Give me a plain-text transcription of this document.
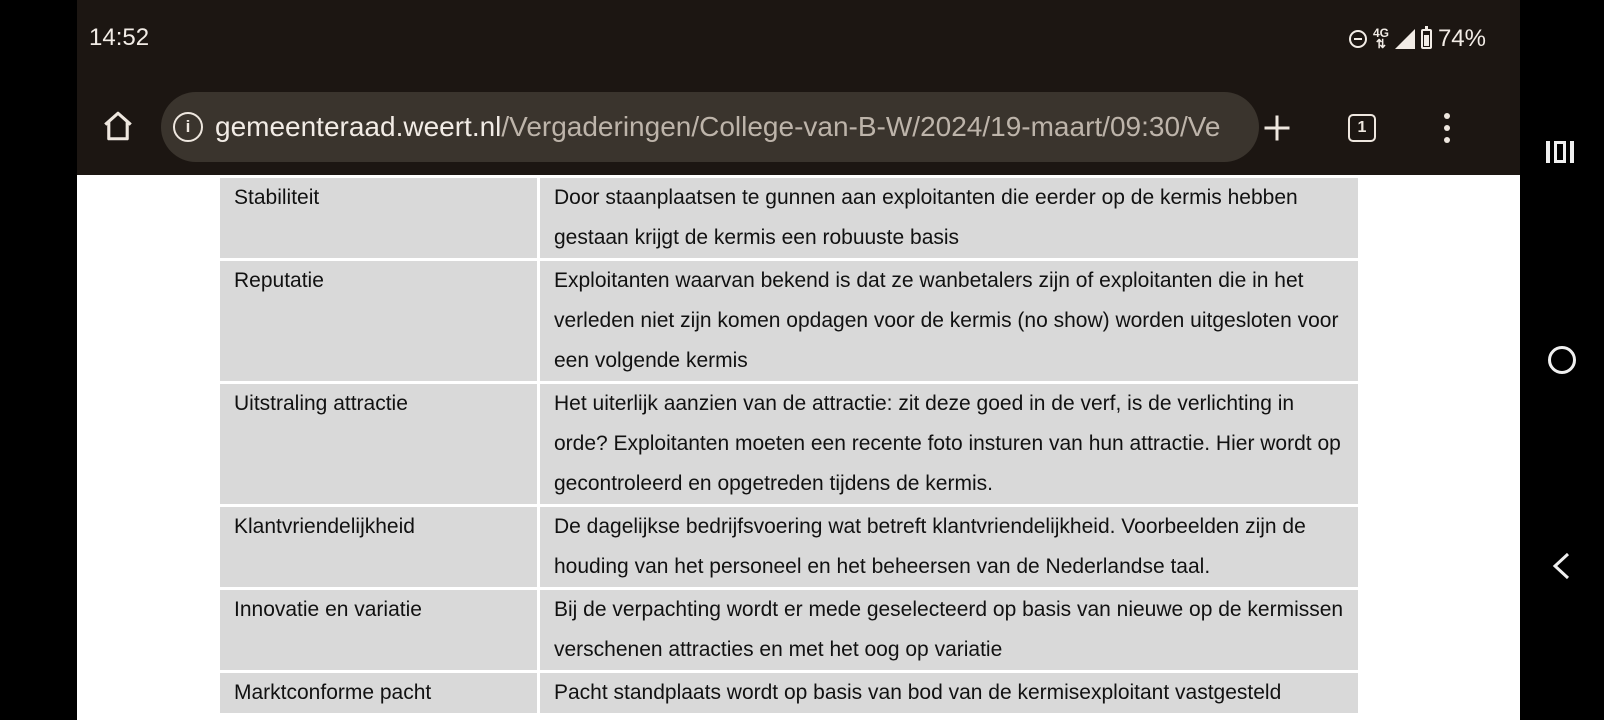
14:52	4G
⇅ 74%
i gemeenteraad.weert.nl/Vergaderingen/College-van-B-W/2024/19-maart/09:30/Ve	1
Stabiliteit	Door staanplaatsen te gunnen aan exploitanten die eerder op de kermis hebben gestaan krijgt de kermis een robuuste basis

Reputatie	Exploitanten waarvan bekend is dat ze wanbetalers zijn of exploitanten die in het verleden niet zijn komen opdagen voor de kermis (no show) worden uitgesloten voor een volgende kermis

Uitstraling attractie	Het uiterlijk aanzien van de attractie: zit deze goed in de verf, is de verlichting in orde? Exploitanten moeten een recente foto insturen van hun attractie. Hier wordt op gecontroleerd en opgetreden tijdens de kermis.

Klantvriendelijkheid	De dagelijkse bedrijfsvoering wat betreft klantvriendelijkheid. Voorbeelden zijn de houding van het personeel en het beheersen van de Nederlandse taal.

Innovatie en variatie	Bij de verpachting wordt er mede geselecteerd op basis van nieuwe op de kermissen verschenen attracties en met het oog op variatie

Marktconforme pacht	Pacht standplaats wordt op basis van bod van de kermisexploitant vastgesteld
